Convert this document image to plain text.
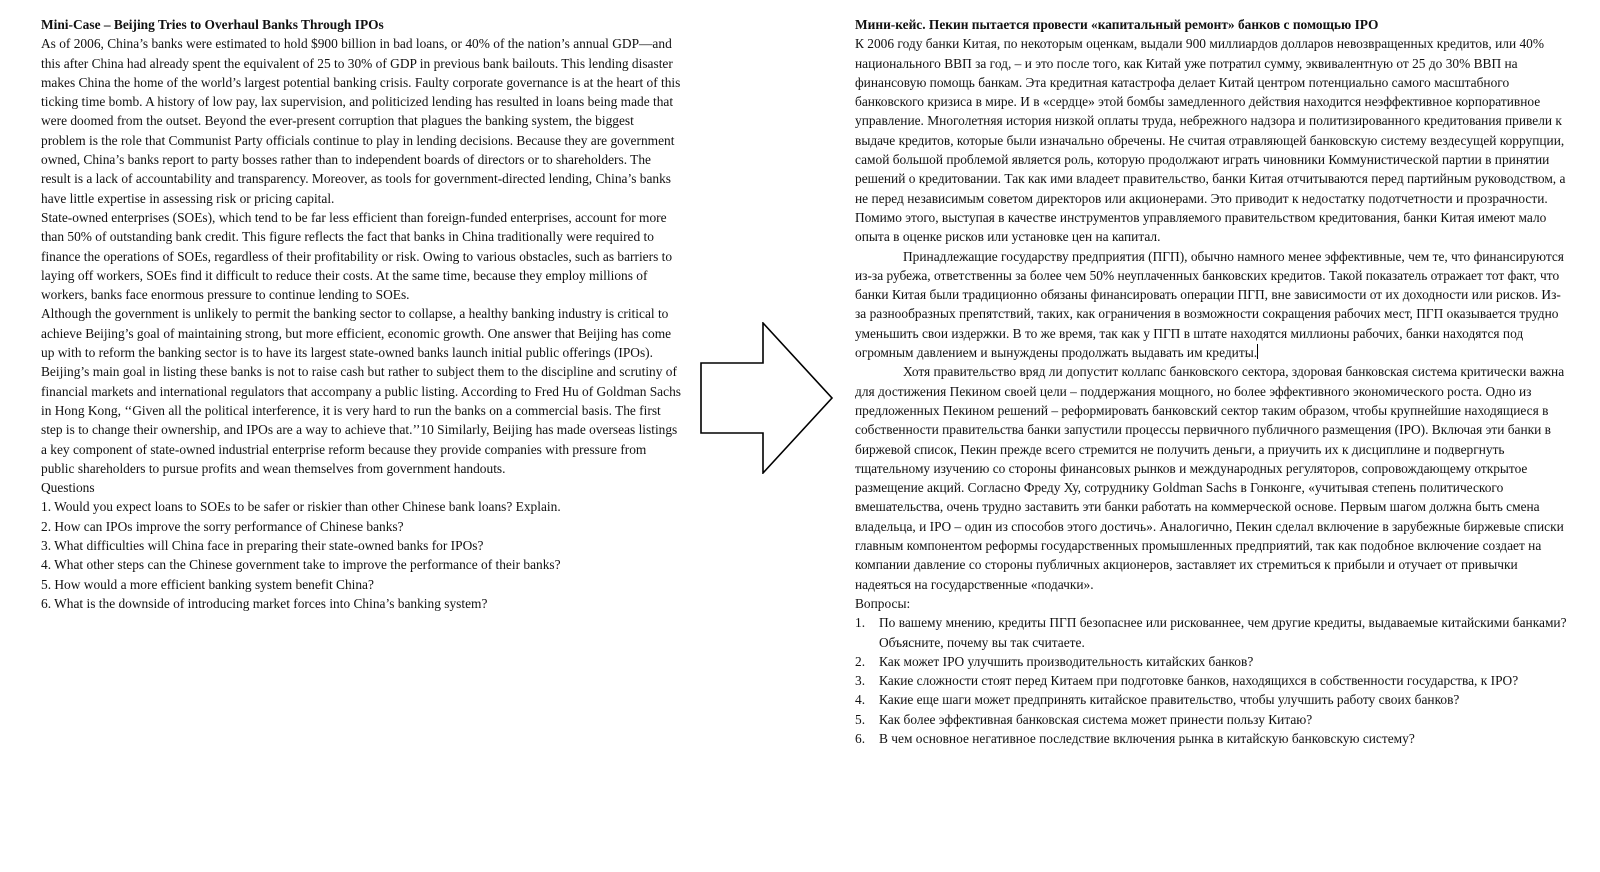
Mini-Case – Beijing Tries to Overhaul Banks Through IPOs

As of 2006, China’s banks were estimated to hold $900 billion in bad loans, or 40% of the nation’s annual GDP—and this after China had already spent the equivalent of 25 to 30% of GDP in previous bank bailouts. This lending disaster makes China the home of the world’s largest potential banking crisis. Faulty corporate governance is at the heart of this ticking time bomb. A history of low pay, lax supervision, and politicized lending has resulted in loans being made that were doomed from the outset. Beyond the ever-present corruption that plagues the banking system, the biggest problem is the role that Communist Party officials continue to play in lending decisions. Because they are government owned, China’s banks report to party bosses rather than to independent boards of directors or to shareholders. The result is a lack of accountability and transparency. Moreover, as tools for government-directed lending, China’s banks have little expertise in assessing risk or pricing capital.

State-owned enterprises (SOEs), which tend to be far less efficient than foreign-funded enterprises, account for more than 50% of outstanding bank credit. This figure reflects the fact that banks in China traditionally were required to finance the operations of SOEs, regardless of their profitability or risk. Owing to various obstacles, such as barriers to laying off workers, SOEs find it difficult to reduce their costs. At the same time, because they employ millions of workers, banks face enormous pressure to continue lending to SOEs.

Although the government is unlikely to permit the banking sector to collapse, a healthy banking industry is critical to achieve Beijing’s goal of maintaining strong, but more efficient, economic growth. One answer that Beijing has come up with to reform the banking sector is to have its largest state-owned banks launch initial public offerings (IPOs). Beijing’s main goal in listing these banks is not to raise cash but rather to subject them to the discipline and scrutiny of financial markets and international regulators that accompany a public listing. According to Fred Hu of Goldman Sachs in Hong Kong, ‘‘Given all the political interference, it is very hard to run the banks on a commercial basis. The first step is to change their ownership, and IPOs are a way to achieve that.’’10 Similarly, Beijing has made overseas listings a key component of state-owned industrial enterprise reform because they provide companies with pressure from public shareholders to pursue profits and wean themselves from government handouts.

Questions

1. Would you expect loans to SOEs to be safer or riskier than other Chinese bank loans? Explain.
2. How can IPOs improve the sorry performance of Chinese banks?
3. What difficulties will China face in preparing their state-owned banks for IPOs?
4. What other steps can the Chinese government take to improve the performance of their banks?
5. How would a more efficient banking system benefit China?
6. What is the downside of introducing market forces into China’s banking system?

Мини-кейс. Пекин пытается провести «капитальный ремонт» банков с помощью IPO

К 2006 году банки Китая, по некоторым оценкам, выдали 900 миллиардов долларов невозвращенных кредитов, или 40% национального ВВП за год, – и это после того, как Китай уже потратил сумму, эквивалентную от 25 до 30% ВВП на финансовую помощь банкам. Эта кредитная катастрофа делает Китай центром потенциально самого масштабного банковского кризиса в мире. И в «сердце» этой бомбы замедленного действия находится неэффективное корпоративное управление. Многолетняя история низкой оплаты труда, небрежного надзора и политизированного кредитования привели к выдаче кредитов, которые были изначально обречены. Не считая отравляющей банковскую систему вездесущей коррупции, самой большой проблемой является роль, которую продолжают играть чиновники Коммунистической партии в принятии решений о кредитовании. Так как ими владеет правительство, банки Китая отчитываются перед партийным руководством, а не перед независимым советом директоров или акционерами. Это приводит к недостатку подотчетности и прозрачности. Помимо этого, выступая в качестве инструментов управляемого правительством кредитования, банки Китая имеют мало опыта в оценке рисков или установке цен на капитал.

Принадлежащие государству предприятия (ПГП), обычно намного менее эффективные, чем те, что финансируются из-за рубежа, ответственны за более чем 50% неуплаченных банковских кредитов. Такой показатель отражает тот факт, что банки Китая были традиционно обязаны финансировать операции ПГП, вне зависимости от их доходности или рисков. Из-за разнообразных препятствий, таких, как ограничения в возможности сокращения рабочих мест, ПГП оказывается трудно уменьшить свои издержки. В то же время, так как у ПГП в штате находятся миллионы рабочих, банки находятся под огромным давлением и вынуждены продолжать выдавать им кредиты.

Хотя правительство вряд ли допустит коллапс банковского сектора, здоровая банковская система критически важна для достижения Пекином своей цели – поддержания мощного, но более эффективного экономического роста. Одно из предложенных Пекином решений – реформировать банковский сектор таким образом, чтобы крупнейшие находящиеся в собственности правительства банки запустили процессы первичного публичного размещения (IPO). Включая эти банки в биржевой список, Пекин прежде всего стремится не получить деньги, а приучить их к дисциплине и подвергнуть тщательному изучению со стороны финансовых рынков и международных регуляторов, сопровождающему открытое размещение акций. Согласно Фреду Ху, сотруднику Goldman Sachs в Гонконге, «учитывая степень политического вмешательства, очень трудно заставить эти банки работать на коммерческой основе. Первым шагом должна быть смена владельца, и IPO – один из способов этого достичь». Аналогично, Пекин сделал включение в зарубежные биржевые списки главным компонентом реформы государственных промышленных предприятий, так как подобное включение создает на компании давление со стороны публичных акционеров, заставляет их стремиться к прибыли и отучает от привычки надеяться на государственные «подачки».

Вопросы:

1. По вашему мнению, кредиты ПГП безопаснее или рискованнее, чем другие кредиты, выдаваемые китайскими банками? Объясните, почему вы так считаете.
2. Как может IPO улучшить производительность китайских банков?
3. Какие сложности стоят перед Китаем при подготовке банков, находящихся в собственности государства, к IPO?
4. Какие еще шаги может предпринять китайское правительство, чтобы улучшить работу своих банков?
5. Как более эффективная банковская система может принести пользу Китаю?
6. В чем основное негативное последствие включения рынка в китайскую банковскую систему?
